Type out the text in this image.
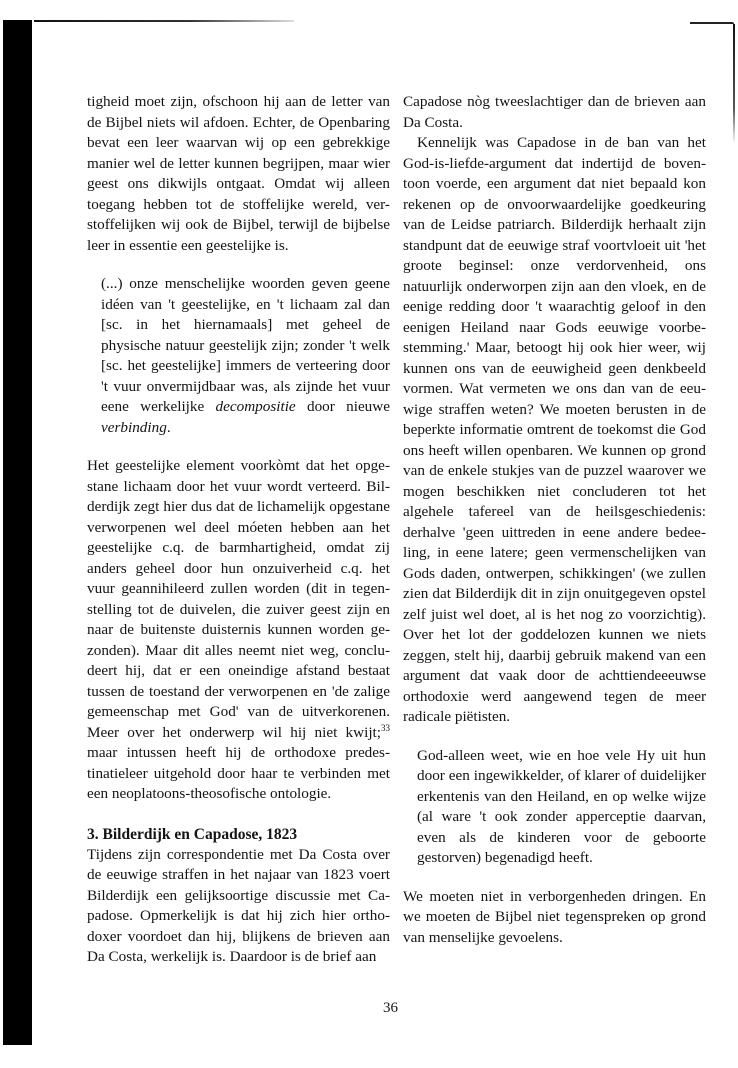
tigheid moet zijn, ofschoon hij aan de letter van de Bijbel niets wil afdoen. Echter, de Openbaring bevat een leer waarvan wij op een gebrekkige manier wel de letter kunnen begrijpen, maar wier geest ons dikwijls ontgaat. Omdat wij alleen toegang hebben tot de stoffelijke wereld, ver-stoffelijken wij ook de Bijbel, terwijl de bijbelse leer in essentie een geestelijke is.

(...) onze menschelijke woorden geven geene idéen van 't geestelijke, en 't lichaam zal dan [sc. in het hiernamaals] met geheel de physische natuur geestelijk zijn; zonder 't welk [sc. het geestelijke] immers de verteering door 't vuur onvermijdbaar was, als zijnde het vuur eene werkelijke decompositie door nieuwe verbinding.

Het geestelijke element voorkòmt dat het opgestane lichaam door het vuur wordt verteerd. Bilderdijk zegt hier dus dat de lichamelijk opgestane verworpenen wel deel móeten hebben aan het geestelijke c.q. de barmhartigheid, omdat zij anders geheel door hun onzuiverheid c.q. het vuur geannihileerd zullen worden (dit in tegenstelling tot de duivelen, die zuiver geest zijn en naar de buitenste duisternis kunnen worden gezonden). Maar dit alles neemt niet weg, concludeert hij, dat er een oneindige afstand bestaat tussen de toestand der verworpenen en 'de zalige gemeenschap met God' van de uitverkorenen. Meer over het onderwerp wil hij niet kwijt;$^{33}$ maar intussen heeft hij de orthodoxe predestinatieleer uitgehold door haar te verbinden met een neoplatoons-theosofische ontologie.

3. Bilderdijk en Capadose, 1823

Tijdens zijn correspondentie met Da Costa over de eeuwige straffen in het najaar van 1823 voert Bilderdijk een gelijksoortige discussie met Capadose. Opmerkelijk is dat hij zich hier orthodoxer voordoet dan hij, blijkens de brieven aan Da Costa, werkelijk is. Daardoor is de brief aan

Capadose nòg tweeslachtiger dan de brieven aan Da Costa.

Kennelijk was Capadose in de ban van het God-is-liefde-argument dat indertijd de boventoon voerde, een argument dat niet bepaald kon rekenen op de onvoorwaardelijke goedkeuring van de Leidse patriarch. Bilderdijk herhaalt zijn standpunt dat de eeuwige straf voortvloeit uit 'het groote beginsel: onze verdorvenheid, ons natuurlijk onderworpen zijn aan den vloek, en de eenige redding door 't waarachtig geloof in den eenigen Heiland naar Gods eeuwige voorbestemming.' Maar, betoogt hij ook hier weer, wij kunnen ons van de eeuwigheid geen denkbeeld vormen. Wat vermeten we ons dan van de eeuwige straffen weten? We moeten berusten in de beperkte informatie omtrent de toekomst die God ons heeft willen openbaren. We kunnen op grond van de enkele stukjes van de puzzel waarover we mogen beschikken niet concluderen tot het algehele tafereel van de heilsgeschiedenis: derhalve 'geen uittreden in eene andere bedeeling, in eene latere; geen vermenschelijken van Gods daden, ontwerpen, schikkingen' (we zullen zien dat Bilderdijk dit in zijn onuitgegeven opstel zelf juist wel doet, al is het nog zo voorzichtig). Over het lot der goddelozen kunnen we niets zeggen, stelt hij, daarbij gebruik makend van een argument dat vaak door de achttiendeeeuwse orthodoxie werd aangewend tegen de meer radicale piëtisten.

God-alleen weet, wie en hoe vele Hy uit hun door een ingewikkelder, of klarer of duidelijker erkentenis van den Heiland, en op welke wijze (al ware 't ook zonder apperceptie daarvan, even als de kinderen voor de geboorte gestorven) begenadigd heeft.

We moeten niet in verborgenheden dringen. En we moeten de Bijbel niet tegenspreken op grond van menselijke gevoelens.

36
